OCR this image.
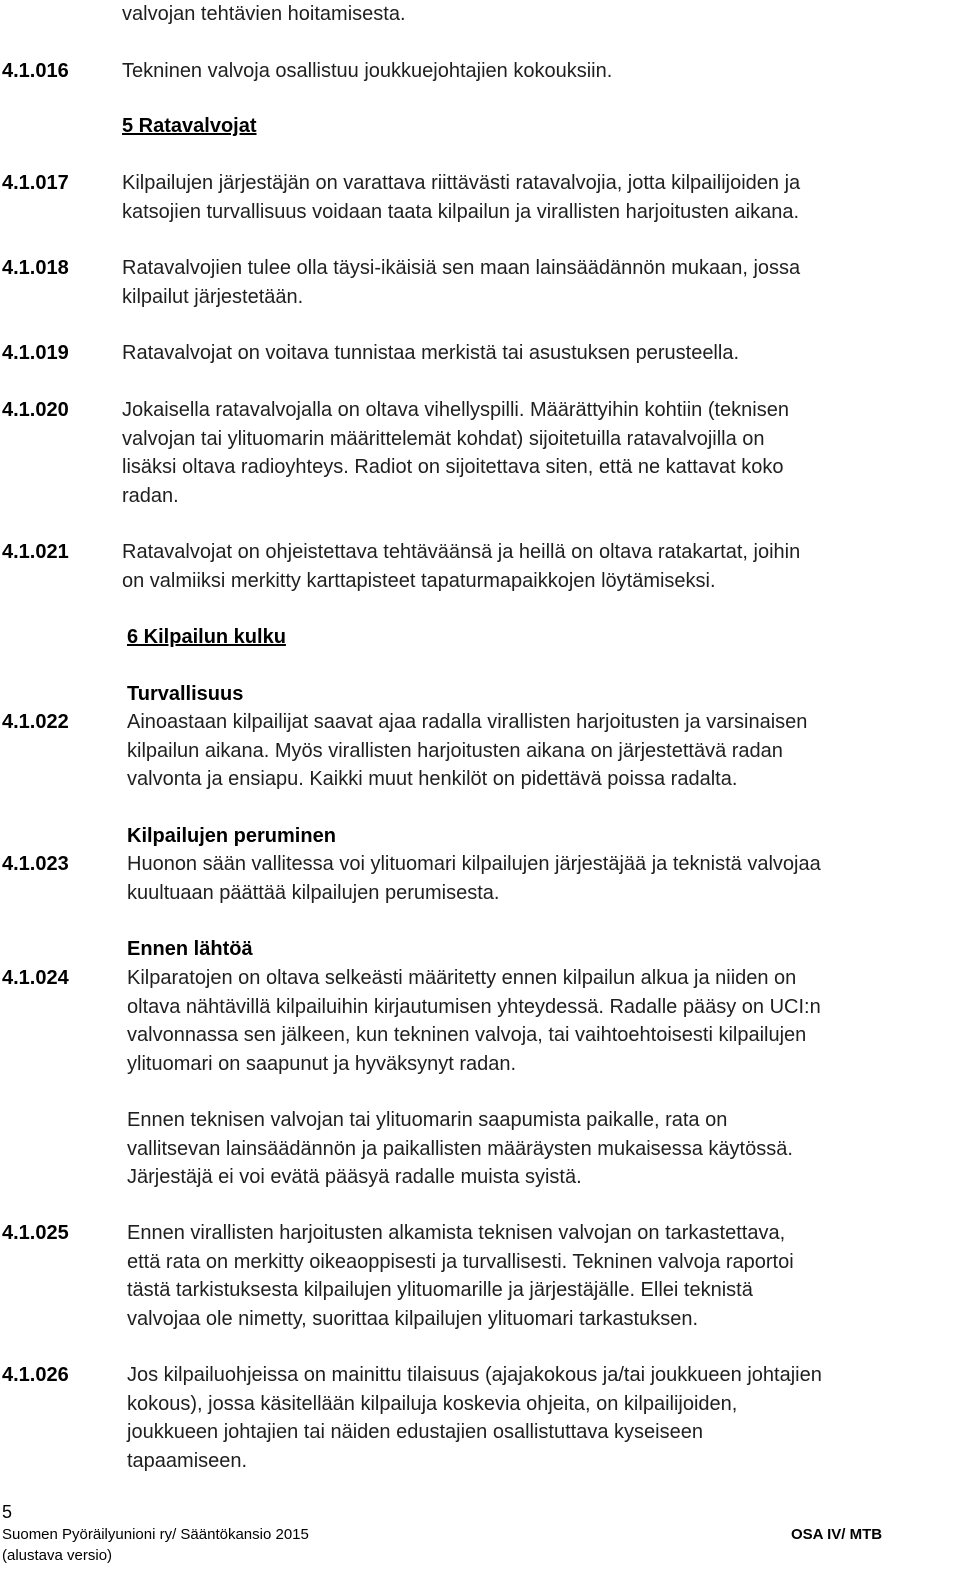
valvojan tehtävien hoitamisesta.
4.1.016	Tekninen valvoja osallistuu joukkuejohtajien kokouksiin.
5 Ratavalvojat
4.1.017	Kilpailujen järjestäjän on varattava riittävästi ratavalvojia, jotta kilpailijoiden ja
katsojien turvallisuus voidaan taata kilpailun ja virallisten harjoitusten aikana.
4.1.018	Ratavalvojien tulee olla täysi-ikäisiä sen maan lainsäädännön mukaan, jossa
kilpailut järjestetään.
4.1.019	Ratavalvojat on voitava tunnistaa merkistä tai asustuksen perusteella.
4.1.020	Jokaisella ratavalvojalla on oltava vihellyspilli. Määrättyihin kohtiin (teknisen
valvojan tai ylituomarin määrittelemät kohdat) sijoitetuilla ratavalvojilla on
lisäksi oltava radioyhteys. Radiot on sijoitettava siten, että ne kattavat koko
radan.
4.1.021	Ratavalvojat on ohjeistettava tehtäväänsä ja heillä on oltava ratakartat, joihin
on valmiiksi merkitty karttapisteet tapaturmapaikkojen löytämiseksi.
6 Kilpailun kulku
Turvallisuus
4.1.022	Ainoastaan kilpailijat saavat ajaa radalla virallisten harjoitusten ja varsinaisen
kilpailun aikana. Myös virallisten harjoitusten aikana on järjestettävä radan
valvonta ja ensiapu. Kaikki muut henkilöt on pidettävä poissa radalta.
Kilpailujen peruminen
4.1.023	Huonon sään vallitessa voi ylituomari kilpailujen järjestäjää ja teknistä valvojaa
kuultuaan päättää kilpailujen perumisesta.
Ennen lähtöä
4.1.024	Kilparatojen on oltava selkeästi määritetty ennen kilpailun alkua ja niiden on
oltava nähtävillä kilpailuihin kirjautumisen yhteydessä. Radalle pääsy on UCI:n
valvonnassa sen jälkeen, kun tekninen valvoja, tai vaihtoehtoisesti kilpailujen
ylituomari on saapunut ja hyväksynyt radan.
Ennen teknisen valvojan tai ylituomarin saapumista paikalle, rata on
vallitsevan lainsäädännön ja paikallisten määräysten mukaisessa käytössä.
Järjestäjä ei voi evätä pääsyä radalle muista syistä.
4.1.025	Ennen virallisten harjoitusten alkamista teknisen valvojan on tarkastettava,
että rata on merkitty oikeaoppisesti ja turvallisesti. Tekninen valvoja raportoi
tästä tarkistuksesta kilpailujen ylituomarille ja järjestäjälle. Ellei teknistä
valvojaa ole nimetty, suorittaa kilpailujen ylituomari tarkastuksen.
4.1.026	Jos kilpailuohjeissa on mainittu tilaisuus (ajajakokous ja/tai joukkueen johtajien
kokous), jossa käsitellään kilpailuja koskevia ohjeita, on kilpailijoiden,
joukkueen johtajien tai näiden edustajien osallistuttava kyseiseen
tapaamiseen.
5
Suomen Pyöräilyunioni ry/ Sääntökansio 2015
(alustava versio)
OSA IV/ MTB
